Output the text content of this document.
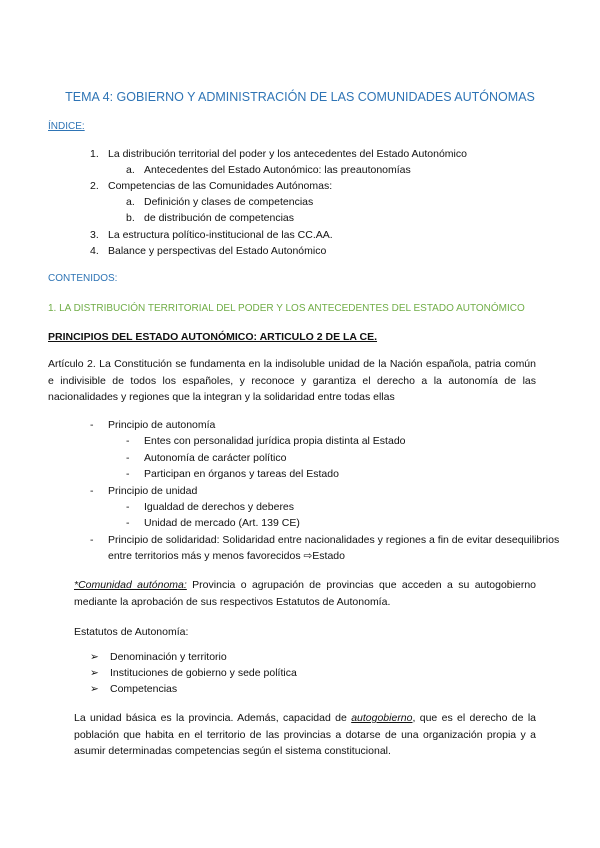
TEMA 4: GOBIERNO Y ADMINISTRACIÓN DE LAS COMUNIDADES AUTÓNOMAS
ÍNDICE:
1. La distribución territorial del poder y los antecedentes del Estado Autonómico
a. Antecedentes del Estado Autonómico: las preautonomías
2. Competencias de las Comunidades Autónomas:
a. Definición y clases de competencias
b. de distribución de competencias
3. La estructura político-institucional de las CC.AA.
4. Balance y perspectivas del Estado Autonómico
CONTENIDOS:
1. LA DISTRIBUCIÓN TERRITORIAL DEL PODER Y LOS ANTECEDENTES DEL ESTADO AUTONÓMICO
PRINCIPIOS DEL ESTADO AUTONÓMICO: ARTICULO 2 DE LA CE.
Artículo 2. La Constitución se fundamenta en la indisoluble unidad de la Nación española, patria común e indivisible de todos los españoles, y reconoce y garantiza el derecho a la autonomía de las nacionalidades y regiones que la integran y la solidaridad entre todas ellas
- Principio de autonomía
- Entes con personalidad jurídica propia distinta al Estado
- Autonomía de carácter político
- Participan en órganos y tareas del Estado
- Principio de unidad
- Igualdad de derechos y deberes
- Unidad de mercado (Art. 139 CE)
- Principio de solidaridad: Solidaridad entre nacionalidades y regiones a fin de evitar desequilibrios
entre territorios más y menos favorecidos ⇨Estado
*Comunidad autónoma: Provincia o agrupación de provincias que acceden a su autogobierno mediante la aprobación de sus respectivos Estatutos de Autonomía.
Estatutos de Autonomía:
➢ Denominación y territorio
➢ Instituciones de gobierno y sede política
➢ Competencias
La unidad básica es la provincia. Además, capacidad de autogobierno, que es el derecho de la población que habita en el territorio de las provincias a dotarse de una organización propia y a asumir determinadas competencias según el sistema constitucional.
